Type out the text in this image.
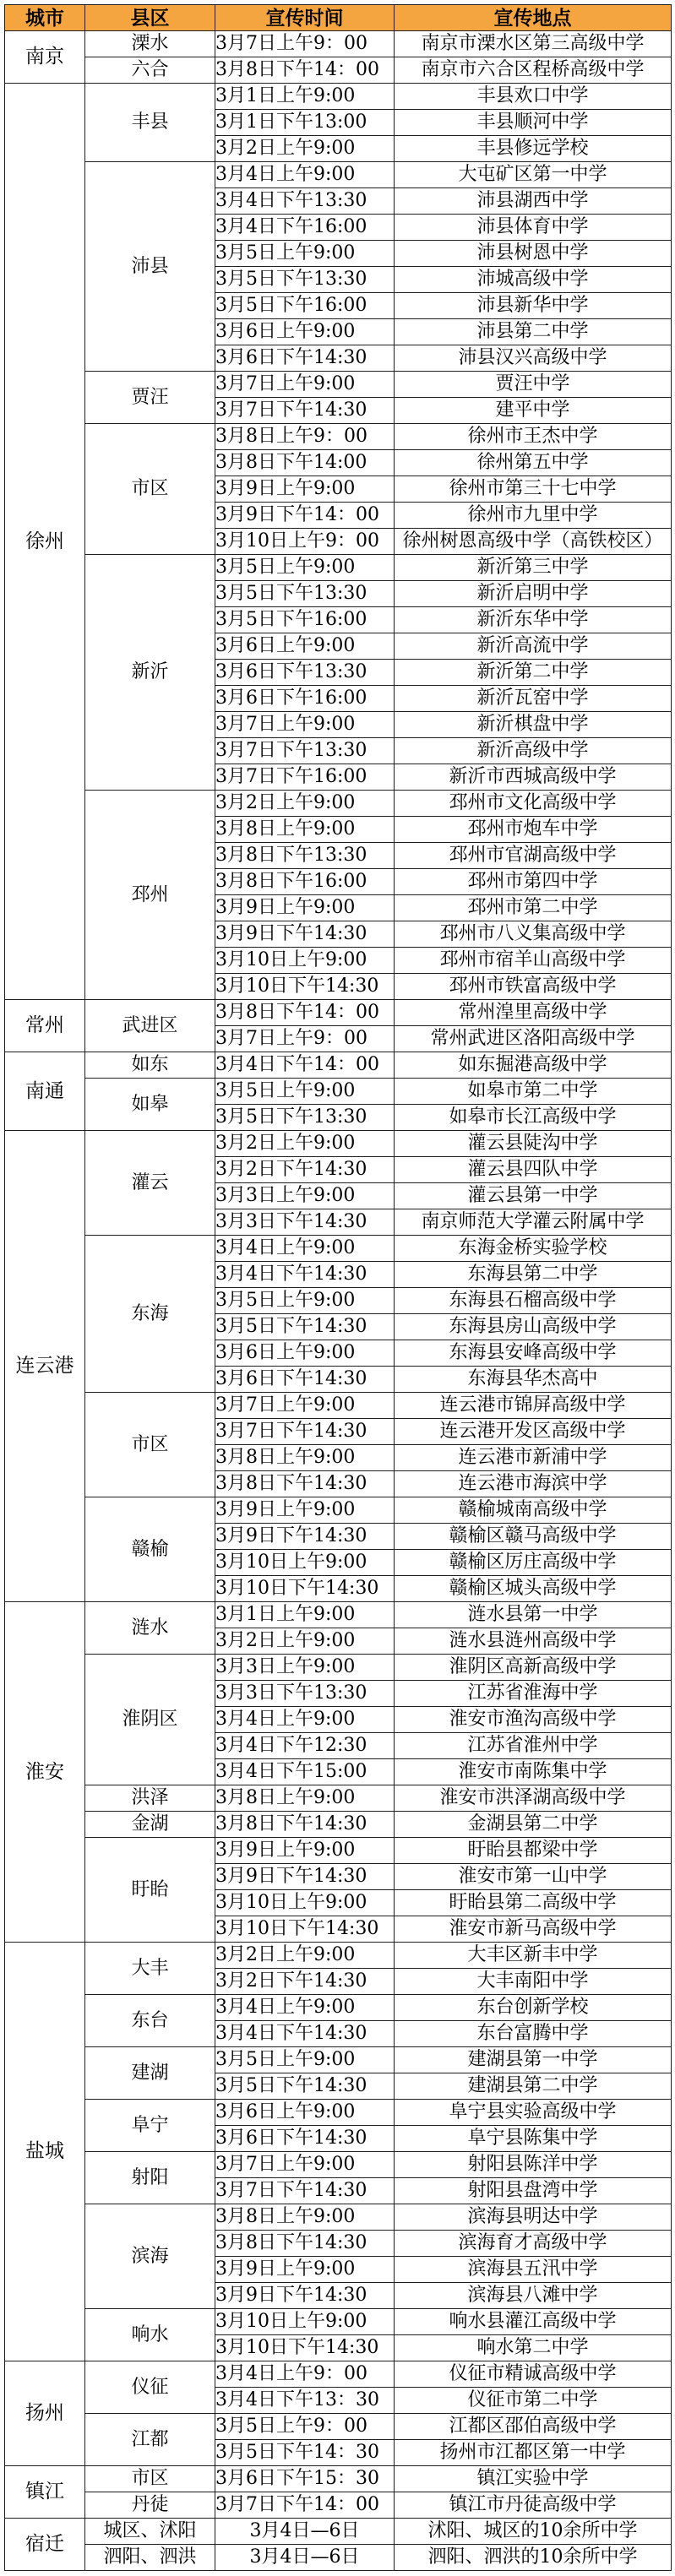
城市	县区	宣传时间	宣传地点
南京	溧水	3月7日上午9：00	南京市溧水区第三高级中学
	六合	3月8日下午14：00	南京市六合区程桥高级中学
徐州	丰县	3月1日上午9:00	丰县欢口中学
		3月1日下午13:00	丰县顺河中学
		3月2日上午9:00	丰县修远学校
	沛县	3月4日上午9:00	大屯矿区第一中学
		3月4日下午13:30	沛县湖西中学
		3月4日下午16:00	沛县体育中学
		3月5日上午9:00	沛县树恩中学
		3月5日下午13:30	沛城高级中学
		3月5日下午16:00	沛县新华中学
		3月6日上午9:00	沛县第二中学
		3月6日下午14:30	沛县汉兴高级中学
	贾汪	3月7日上午9:00	贾汪中学
		3月7日下午14:30	建平中学
	市区	3月8日上午9：00	徐州市王杰中学
		3月8日下午14:00	徐州第五中学
		3月9日上午9:00	徐州市第三十七中学
		3月9日下午14：00	徐州市九里中学
		3月10日上午9：00	徐州树恩高级中学（高铁校区）
	新沂	3月5日上午9:00	新沂第三中学
		3月5日下午13:30	新沂启明中学
		3月5日下午16:00	新沂东华中学
		3月6日上午9:00	新沂高流中学
		3月6日下午13:30	新沂第二中学
		3月6日下午16:00	新沂瓦窑中学
		3月7日上午9:00	新沂棋盘中学
		3月7日下午13:30	新沂高级中学
		3月7日下午16:00	新沂市西城高级中学
	邳州	3月2日上午9:00	邳州市文化高级中学
		3月8日上午9:00	邳州市炮车中学
		3月8日下午13:30	邳州市官湖高级中学
		3月8日下午16:00	邳州市第四中学
		3月9日上午9:00	邳州市第二中学
		3月9日下午14:30	邳州市八义集高级中学
		3月10日上午9:00	邳州市宿羊山高级中学
		3月10日下午14:30	邳州市铁富高级中学
常州	武进区	3月8日下午14：00	常州湟里高级中学
		3月7日上午9：00	常州武进区洛阳高级中学
南通	如东	3月4日下午14：00	如东掘港高级中学
	如皋	3月5日上午9:00	如皋市第二中学
		3月5日下午13:30	如皋市长江高级中学
连云港	灌云	3月2日上午9:00	灌云县陡沟中学
		3月2日下午14:30	灌云县四队中学
		3月3日上午9:00	灌云县第一中学
		3月3日下午14:30	南京师范大学灌云附属中学
	东海	3月4日上午9:00	东海金桥实验学校
		3月4日下午14:30	东海县第二中学
		3月5日上午9:00	东海县石榴高级中学
		3月5日下午14:30	东海县房山高级中学
		3月6日上午9:00	东海县安峰高级中学
		3月6日下午14:30	东海县华杰高中
	市区	3月7日上午9:00	连云港市锦屏高级中学
		3月7日下午14:30	连云港开发区高级中学
		3月8日上午9:00	连云港市新浦中学
		3月8日下午14:30	连云港市海滨中学
	赣榆	3月9日上午9:00	赣榆城南高级中学
		3月9日下午14:30	赣榆区赣马高级中学
		3月10日上午9:00	赣榆区厉庄高级中学
		3月10日下午14:30	赣榆区城头高级中学
淮安	涟水	3月1日上午9:00	涟水县第一中学
		3月2日上午9:00	涟水县涟州高级中学
	淮阴区	3月3日上午9:00	淮阴区高新高级中学
		3月3日下午13:30	江苏省淮海中学
		3月4日上午9:00	淮安市渔沟高级中学
		3月4日下午12:30	江苏省淮州中学
		3月4日下午15:00	淮安市南陈集中学
	洪泽	3月8日上午9:00	淮安市洪泽湖高级中学
	金湖	3月8日下午14:30	金湖县第二中学
	盱眙	3月9日上午9:00	盱眙县都梁中学
		3月9日下午14:30	淮安市第一山中学
		3月10日上午9:00	盱眙县第二高级中学
		3月10日下午14:30	淮安市新马高级中学
盐城	大丰	3月2日上午9:00	大丰区新丰中学
		3月2日下午14:30	大丰南阳中学
	东台	3月4日上午9:00	东台创新学校
		3月4日下午14:30	东台富腾中学
	建湖	3月5日上午9:00	建湖县第一中学
		3月5日下午14:30	建湖县第二中学
	阜宁	3月6日上午9:00	阜宁县实验高级中学
		3月6日下午14:30	阜宁县陈集中学
	射阳	3月7日上午9:00	射阳县陈洋中学
		3月7日下午14:30	射阳县盘湾中学
	滨海	3月8日上午9:00	滨海县明达中学
		3月8日下午14:30	滨海育才高级中学
		3月9日上午9:00	滨海县五汛中学
		3月9日下午14:30	滨海县八滩中学
	响水	3月10日上午9:00	响水县灌江高级中学
		3月10日下午14:30	响水第二中学
扬州	仪征	3月4日上午9：00	仪征市精诚高级中学
		3月4日下午13：30	仪征市第二中学
	江都	3月5日上午9：00	江都区邵伯高级中学
		3月5日下午14：30	扬州市江都区第一中学
镇江	市区	3月6日下午15：30	镇江实验中学
	丹徒	3月7日下午14：00	镇江市丹徒高级中学
宿迁	城区、沭阳	3月4日—6日	沭阳、城区的10余所中学
	泗阳、泗洪	3月4日—6日	泗阳、泗洪的10余所中学
